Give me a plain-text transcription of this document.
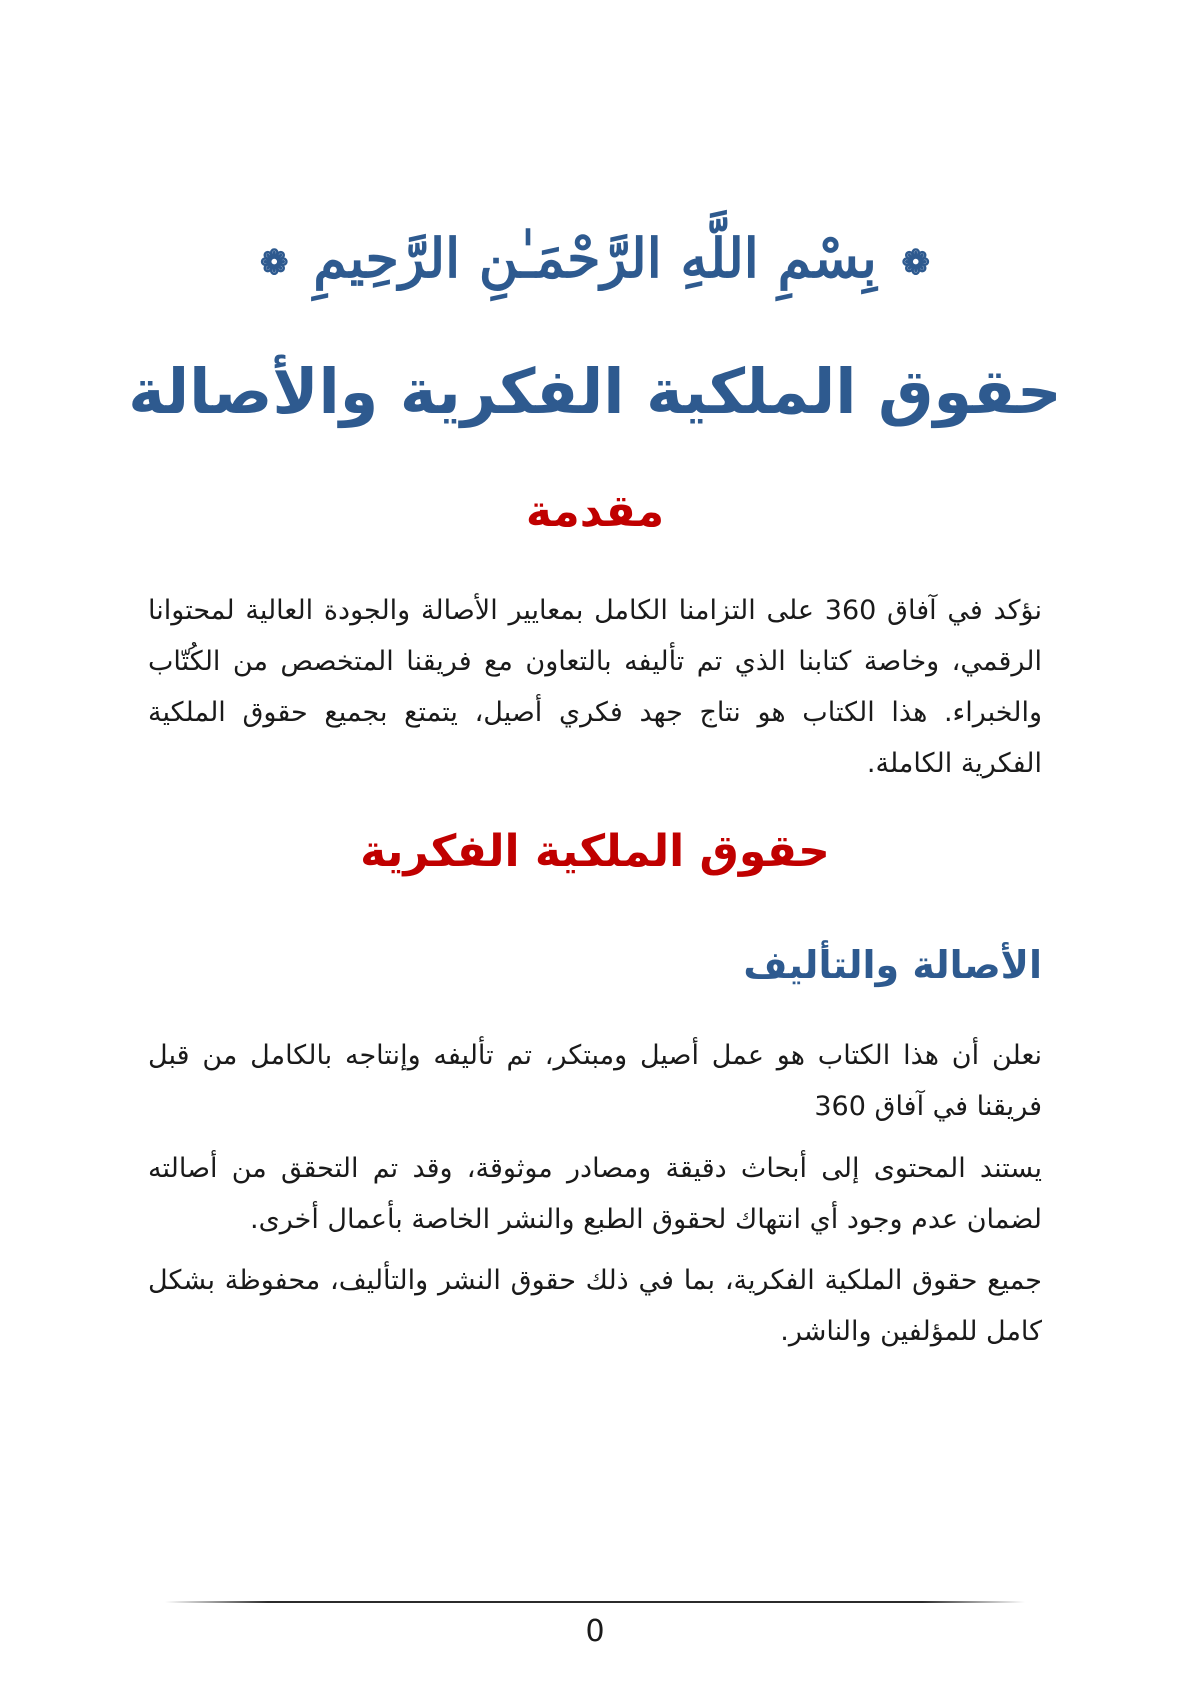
❁ بِسْمِ اللَّهِ الرَّحْمَـٰنِ الرَّحِيمِ ❁
حقوق الملكية الفكرية والأصالة
مقدمة
نؤكد في آفاق 360 على التزامنا الكامل بمعايير الأصالة والجودة العالية لمحتوانا الرقمي، وخاصة كتابنا الذي تم تأليفه بالتعاون مع فريقنا المتخصص من الكُتّاب والخبراء. هذا الكتاب هو نتاج جهد فكري أصيل، يتمتع بجميع حقوق الملكية الفكرية الكاملة.
حقوق الملكية الفكرية
الأصالة والتأليف
نعلن أن هذا الكتاب هو عمل أصيل ومبتكر، تم تأليفه وإنتاجه بالكامل من قبل فريقنا في آفاق 360
يستند المحتوى إلى أبحاث دقيقة ومصادر موثوقة، وقد تم التحقق من أصالته لضمان عدم وجود أي انتهاك لحقوق الطبع والنشر الخاصة بأعمال أخرى.
جميع حقوق الملكية الفكرية، بما في ذلك حقوق النشر والتأليف، محفوظة بشكل كامل للمؤلفين والناشر.
0
